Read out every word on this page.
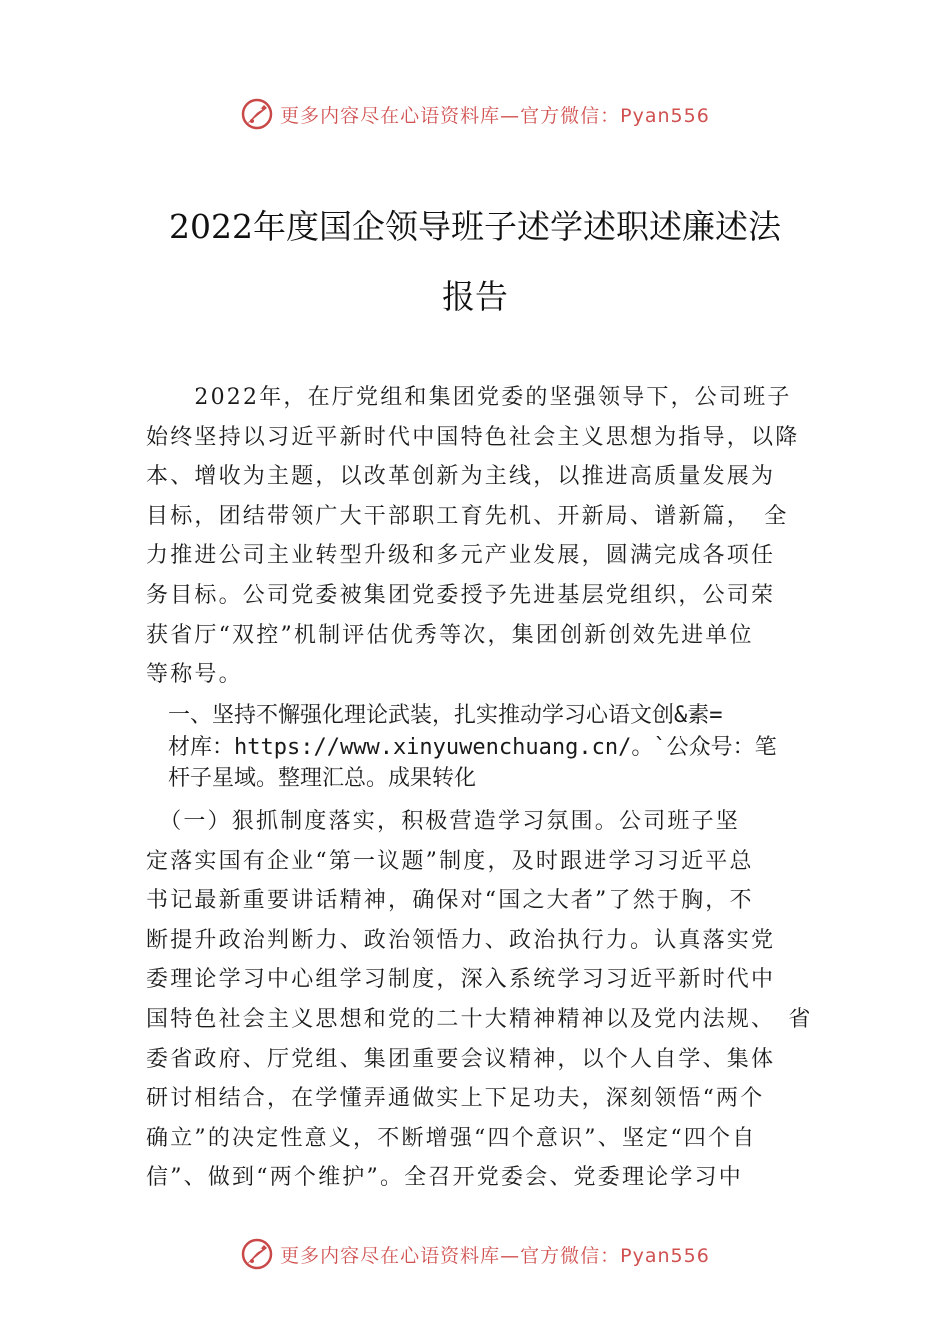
更多内容尽在心语资料库—官方微信：Pyan556
2022年度国企领导班子述学述职述廉述法
报告
　　2022年，在厅党组和集团党委的坚强领导下，公司班子
始终坚持以习近平新时代中国特色社会主义思想为指导，以降
本、增收为主题，以改革创新为主线，以推进高质量发展为
目标，团结带领广大干部职工育先机、开新局、谱新篇，　全
力推进公司主业转型升级和多元产业发展，圆满完成各项任
务目标。公司党委被集团党委授予先进基层党组织，公司荣
获省厅“双控”机制评估优秀等次，集团创新创效先进单位
等称号。
　一、坚持不懈强化理论武装，扎实推动学习心语文创&素=
　材库：https://www.xinyuwenchuang.cn/。`公众号：笔
　杆子星域。整理汇总。成果转化
　（一）狠抓制度落实，积极营造学习氛围。公司班子坚
定落实国有企业“第一议题”制度，及时跟进学习习近平总
书记最新重要讲话精神，确保对“国之大者”了然于胸，不
断提升政治判断力、政治领悟力、政治执行力。认真落实党
委理论学习中心组学习制度，深入系统学习习近平新时代中
国特色社会主义思想和党的二十大精神精神以及党内法规、　省
委省政府、厅党组、集团重要会议精神，以个人自学、集体
研讨相结合，在学懂弄通做实上下足功夫，深刻领悟“两个
确立”的决定性意义，不断增强“四个意识”、坚定“四个自
信”、做到“两个维护”。全召开党委会、党委理论学习中
更多内容尽在心语资料库—官方微信：Pyan556
